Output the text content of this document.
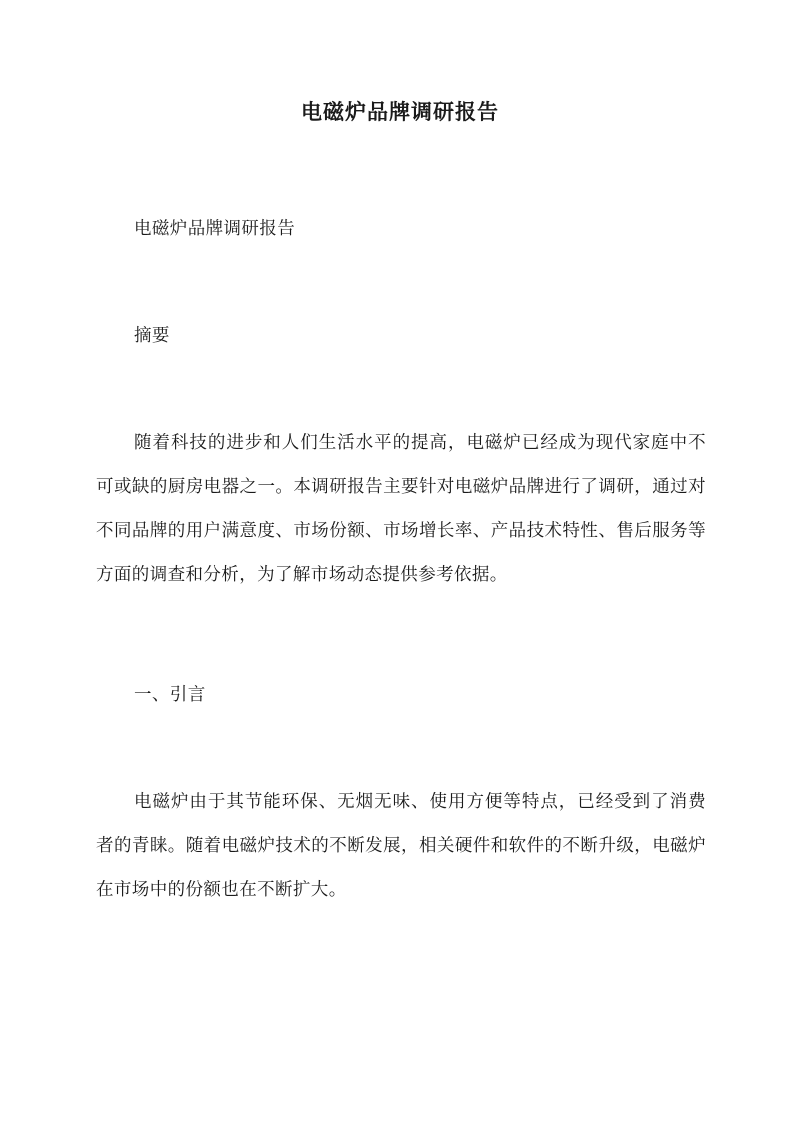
电磁炉品牌调研报告

电磁炉品牌调研报告

摘要

随着科技的进步和人们生活水平的提高，电磁炉已经成为现代家庭中不可或缺的厨房电器之一。本调研报告主要针对电磁炉品牌进行了调研，通过对不同品牌的用户满意度、市场份额、市场增长率、产品技术特性、售后服务等方面的调查和分析，为了解市场动态提供参考依据。

一、引言

电磁炉由于其节能环保、无烟无味、使用方便等特点，已经受到了消费者的青睐。随着电磁炉技术的不断发展，相关硬件和软件的不断升级，电磁炉在市场中的份额也在不断扩大。
